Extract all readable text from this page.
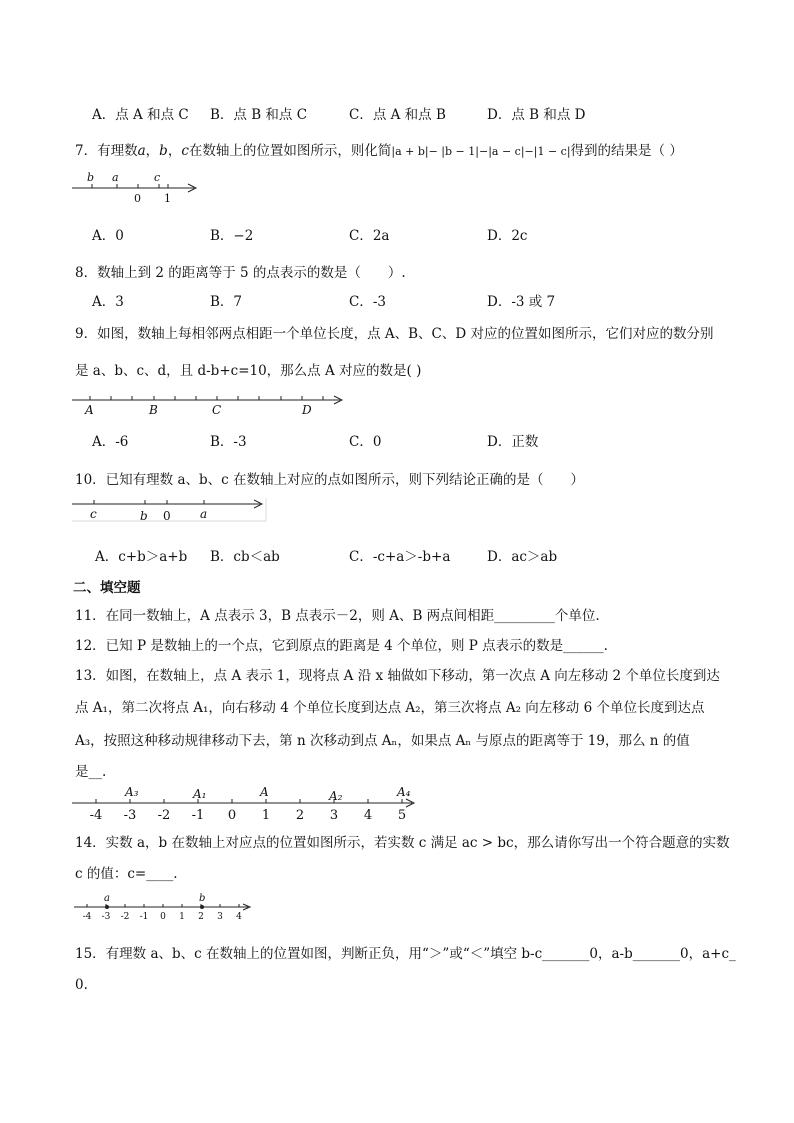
A．点 A 和点 C B．点 B 和点 C	C．点 A 和点 B	D．点 B 和点 D
7．有理数a，b，c在数轴上的位置如图所示，则化简|a + b|− |b − 1|−|a − c|−|1 − c|得到的结果是（ ）
b a	c
0 1
A．0	B．−2	C．2a	D．2c
8．数轴上到 2 的距离等于 5 的点表示的数是（　　）.
A．3	B．7	C．-3	D．-3 或 7
9．如图，数轴上每相邻两点相距一个单位长度，点 A、B、C、D 对应的位置如图所示，它们对应的数分别
是 a、b、c、d，且 d-b+c=10，那么点 A 对应的数是( )
A	B	C	D
A．-6	B．-3	C．0	D．正数
10．已知有理数 a、b、c 在数轴上对应的点如图所示，则下列结论正确的是（　　）
c	b 0 a
A．c+b＞a+b B．cb＜ab	C．-c+a＞-b+a	D．ac＞ab
二、填空题
11．在同一数轴上，A 点表示 3，B 点表示－2，则 A、B 两点间相距_________个单位.
12．已知 P 是数轴上的一个点，它到原点的距离是 4 个单位，则 P 点表示的数是______.
13．如图，在数轴上，点 A 表示 1，现将点 A 沿 x 轴做如下移动，第一次点 A 向左移动 2 个单位长度到达
点 A₁，第二次将点 A₁，向右移动 4 个单位长度到达点 A₂，第三次将点 A₂ 向左移动 6 个单位长度到达点
A₃，按照这种移动规律移动下去，第 n 次移动到点 Aₙ，如果点 Aₙ 与原点的距离等于 19，那么 n 的值
是__.
A₃	A₁	A	A₂	A₄
-4 -3 -2 -1 0 1 2 3 4 5
14．实数 a，b 在数轴上对应点的位置如图所示，若实数 c 满足 ac > bc，那么请你写出一个符合题意的实数
c 的值：c=____.
a	b
-4 -3 -2 -1 0 1 2 3 4
15．有理数 a、b、c 在数轴上的位置如图，判断正负，用“＞”或“＜”填空 b-c_______0，a-b_______0，a+c_
0.
